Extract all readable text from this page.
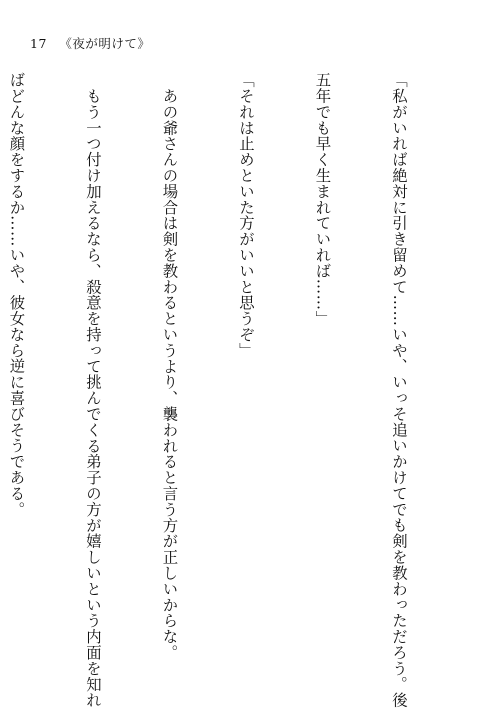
17 《夜が明けて》

「私がいれば絶対に引き留めて……いや、いっそ追いかけてでも剣を教わっただろう。後

五年でも早く生まれていれば……」

「それは止めといた方がいいと思うぞ」

　あの爺さんの場合は剣を教わるというより、襲われると言う方が正しいからな。

　もう一つ付け加えるなら、殺意を持って挑んでくる弟子の方が嬉しいという内面を知れ

ばどんな顔をするか……いや、彼女なら逆に喜びそうである。
